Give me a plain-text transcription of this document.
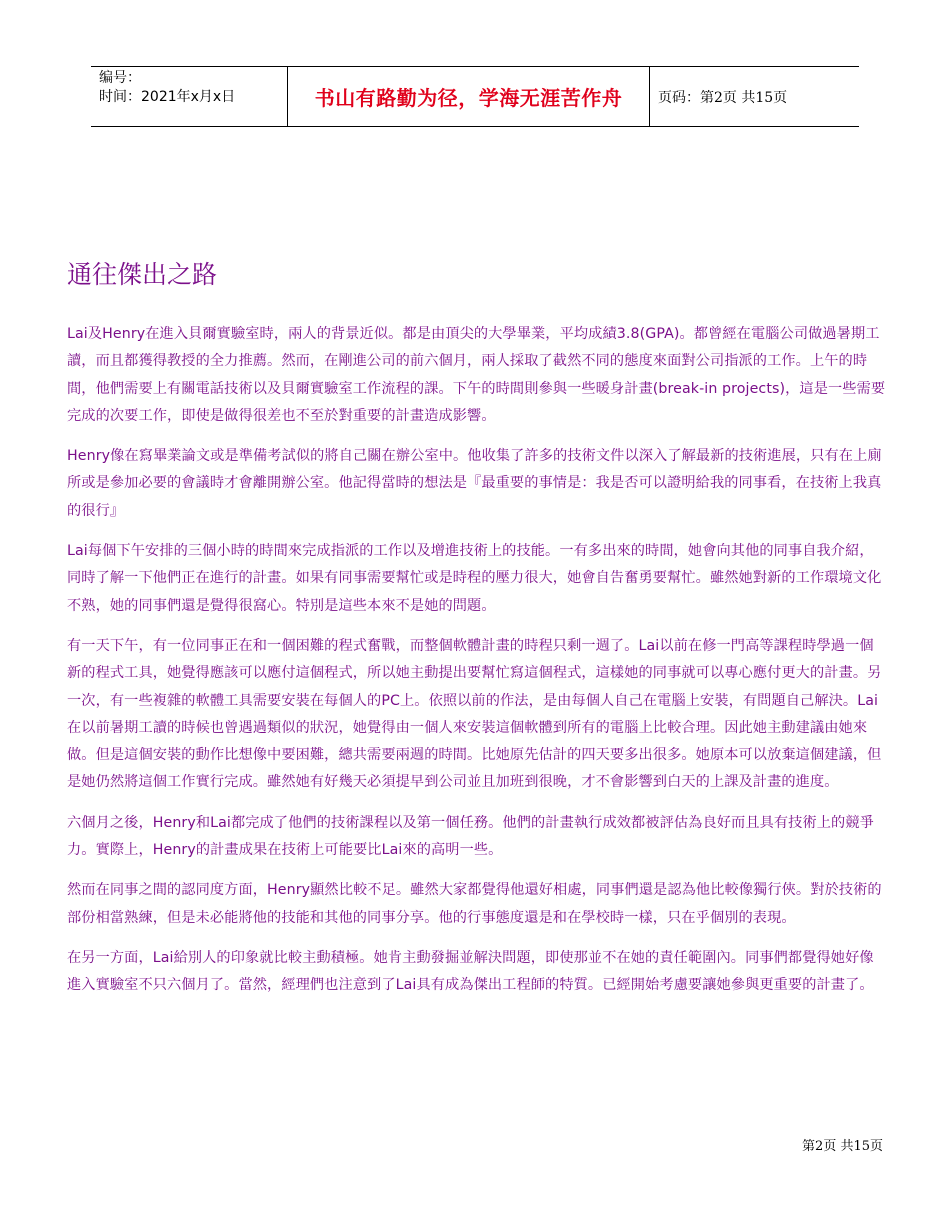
编号：
时间：2021年x月x日	书山有路勤为径，学海无涯苦作舟	页码：第2页 共15页
通往傑出之路

Lai及Henry在進入貝爾實驗室時，兩人的背景近似。都是由頂尖的大學畢業，平均成績3.8(GPA)。都曾經在電腦公司做過暑期工讀，而且都獲得教授的全力推薦。然而，在剛進公司的前六個月，兩人採取了截然不同的態度來面對公司指派的工作。上午的時間，他們需要上有關電話技術以及貝爾實驗室工作流程的課。下午的時間則參與一些暖身計畫(break-in projects)，這是一些需要完成的次要工作，即使是做得很差也不至於對重要的計畫造成影響。

Henry像在寫畢業論文或是準備考試似的將自己關在辦公室中。他收集了許多的技術文件以深入了解最新的技術進展，只有在上廁所或是參加必要的會議時才會離開辦公室。他記得當時的想法是『最重要的事情是：我是否可以證明給我的同事看，在技術上我真的很行』

Lai每個下午安排的三個小時的時間來完成指派的工作以及增進技術上的技能。一有多出來的時間，她會向其他的同事自我介紹，同時了解一下他們正在進行的計畫。如果有同事需要幫忙或是時程的壓力很大，她會自告奮勇要幫忙。雖然她對新的工作環境文化不熟，她的同事們還是覺得很窩心。特別是這些本來不是她的問題。

有一天下午，有一位同事正在和一個困難的程式奮戰，而整個軟體計畫的時程只剩一週了。Lai以前在修一門高等課程時學過一個新的程式工具，她覺得應該可以應付這個程式，所以她主動提出要幫忙寫這個程式，這樣她的同事就可以專心應付更大的計畫。另一次，有一些複雜的軟體工具需要安裝在每個人的PC上。依照以前的作法，是由每個人自己在電腦上安裝，有問題自己解決。Lai在以前暑期工讀的時候也曾遇過類似的狀況，她覺得由一個人來安裝這個軟體到所有的電腦上比較合理。因此她主動建議由她來做。但是這個安裝的動作比想像中要困難，總共需要兩週的時間。比她原先估計的四天要多出很多。她原本可以放棄這個建議，但是她仍然將這個工作實行完成。雖然她有好幾天必須提早到公司並且加班到很晚，才不會影響到白天的上課及計畫的進度。

六個月之後，Henry和Lai都完成了他們的技術課程以及第一個任務。他們的計畫執行成效都被評估為良好而且具有技術上的競爭力。實際上，Henry的計畫成果在技術上可能要比Lai來的高明一些。

然而在同事之間的認同度方面，Henry顯然比較不足。雖然大家都覺得他還好相處，同事們還是認為他比較像獨行俠。對於技術的部份相當熟練，但是未必能將他的技能和其他的同事分享。他的行事態度還是和在學校時一樣，只在乎個別的表現。

在另一方面，Lai給別人的印象就比較主動積極。她肯主動發掘並解決問題，即使那並不在她的責任範圍內。同事們都覺得她好像進入實驗室不只六個月了。當然，經理們也注意到了Lai具有成為傑出工程師的特質。已經開始考慮要讓她參與更重要的計畫了。

第2页 共15页
